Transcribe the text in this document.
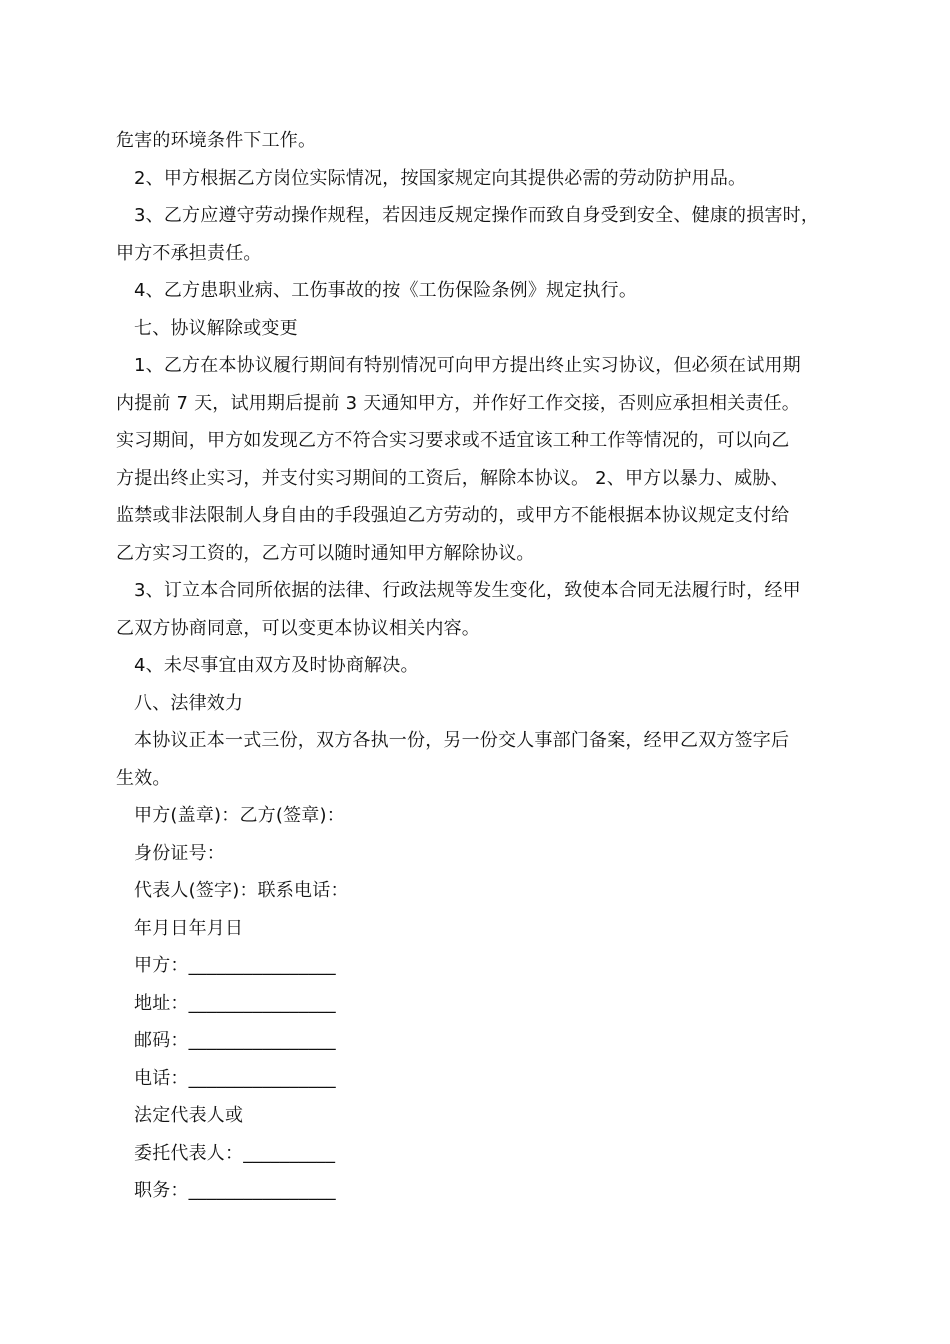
危害的环境条件下工作。
2、甲方根据乙方岗位实际情况，按国家规定向其提供必需的劳动防护用品。
3、乙方应遵守劳动操作规程，若因违反规定操作而致自身受到安全、健康的损害时，
甲方不承担责任。
4、乙方患职业病、工伤事故的按《工伤保险条例》规定执行。
七、协议解除或变更
1、乙方在本协议履行期间有特别情况可向甲方提出终止实习协议，但必须在试用期
内提前 7 天，试用期后提前 3 天通知甲方，并作好工作交接，否则应承担相关责任。
实习期间，甲方如发现乙方不符合实习要求或不适宜该工种工作等情况的，可以向乙
方提出终止实习，并支付实习期间的工资后，解除本协议。 2、甲方以暴力、威胁、
监禁或非法限制人身自由的手段强迫乙方劳动的，或甲方不能根据本协议规定支付给
乙方实习工资的，乙方可以随时通知甲方解除协议。
3、订立本合同所依据的法律、行政法规等发生变化，致使本合同无法履行时，经甲
乙双方协商同意，可以变更本协议相关内容。
4、未尽事宜由双方及时协商解决。
八、法律效力
本协议正本一式三份，双方各执一份，另一份交人事部门备案，经甲乙双方签字后
生效。
甲方(盖章)：乙方(签章)：
身份证号：
代表人(签字)：联系电话：
年月日年月日
甲方：________________
地址：________________
邮码：________________
电话：________________
法定代表人或
委托代表人：__________
职务：________________
